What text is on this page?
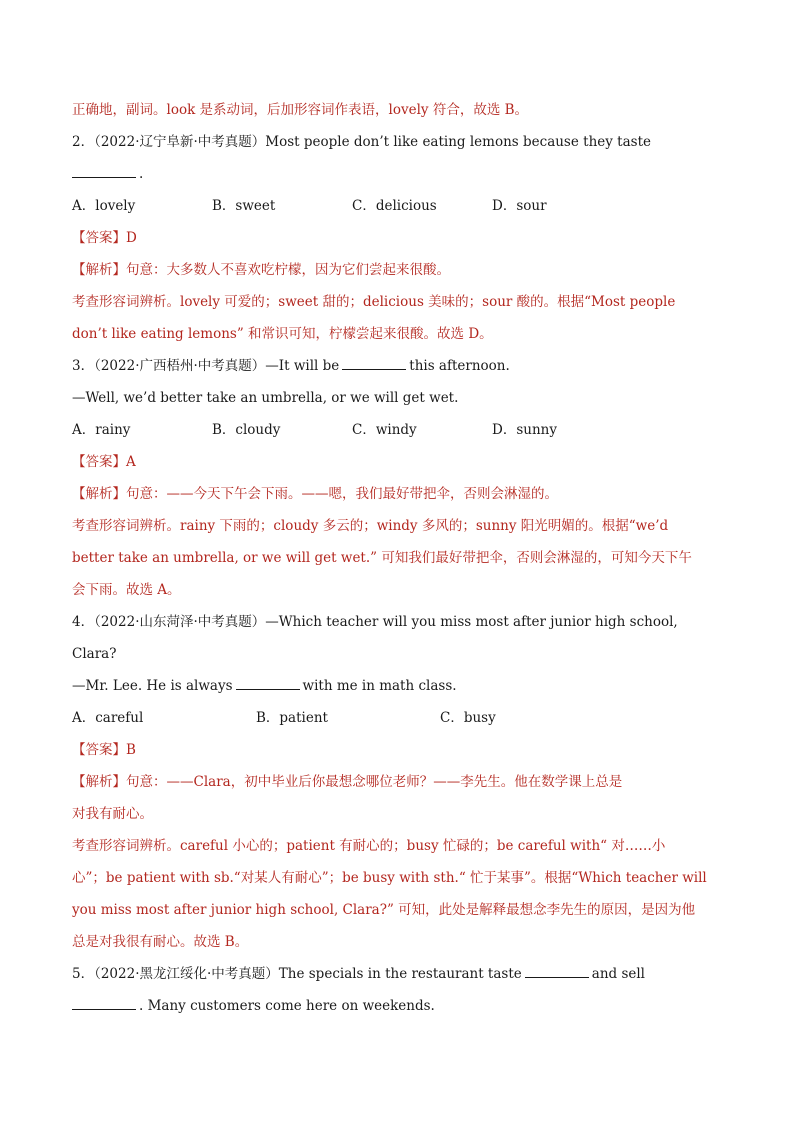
正确地，副词。look 是系动词，后加形容词作表语，lovely 符合，故选 B。
2．（2022·辽宁阜新·中考真题）Most people don’t like eating lemons because they taste
.
A．lovely	B．sweet	C．delicious	D．sour
【答案】D
【解析】句意：大多数人不喜欢吃柠檬，因为它们尝起来很酸。
考查形容词辨析。lovely 可爱的；sweet 甜的；delicious 美味的；sour 酸的。根据“Most people
don’t like eating lemons” 和常识可知，柠檬尝起来很酸。故选 D。
3．（2022·广西梧州·中考真题）—It will be	this afternoon.
—Well, we’d better take an umbrella, or we will get wet.
A．rainy	B．cloudy	C．windy	D．sunny
【答案】A
【解析】句意：——今天下午会下雨。——嗯，我们最好带把伞，否则会淋湿的。
考查形容词辨析。rainy 下雨的；cloudy 多云的；windy 多风的；sunny 阳光明媚的。根据“we’d
better take an umbrella, or we will get wet.” 可知我们最好带把伞，否则会淋湿的，可知今天下午
会下雨。故选 A。
4．（2022·山东菏泽·中考真题）—Which teacher will you miss most after junior high school,
Clara?
—Mr. Lee. He is always	with me in math class.
A．careful	B．patient	C．busy
【答案】B
【解析】句意：——Clara，初中毕业后你最想念哪位老师？——李先生。他在数学课上总是
对我有耐心。
考查形容词辨析。careful 小心的；patient 有耐心的；busy 忙碌的；be careful with“ 对……小
心”；be patient with sb.“对某人有耐心”；be busy with sth.“ 忙于某事”。根据“Which teacher will
you miss most after junior high school, Clara?” 可知，此处是解释最想念李先生的原因，是因为他
总是对我很有耐心。故选 B。
5．（2022·黑龙江绥化·中考真题）The specials in the restaurant taste	and sell
. Many customers come here on weekends.
